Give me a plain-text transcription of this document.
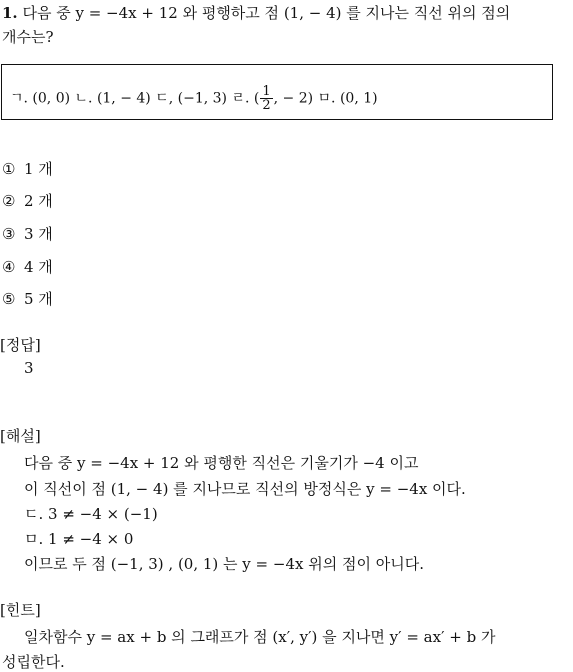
1. 다음 중 y = −4x + 12 와 평행하고 점 (1, − 4) 를 지나는 직선 위의 점의
개수는?
ㄱ. (0, 0) ㄴ. (1, − 4) ㄷ, (−1, 3) ㄹ. ( $\frac{1}{2}$ , − 2) ㅁ. (0, 1)
① 1 개
② 2 개
③ 3 개
④ 4 개
⑤ 5 개
[정답]
3
[해설]
다음 중 y = −4x + 12 와 평행한 직선은 기울기가 −4 이고
이 직선이 점 (1, − 4) 를 지나므로 직선의 방정식은 y = −4x 이다.
ㄷ. 3 ≠ −4 × (−1)
ㅁ. 1 ≠ −4 × 0
이므로 두 점 (−1, 3) , (0, 1) 는 y = −4x 위의 점이 아니다.
[힌트]
일차함수 y = ax + b 의 그래프가 점 (x′, y′) 을 지나면 y′ = ax′ + b 가
성립한다.
